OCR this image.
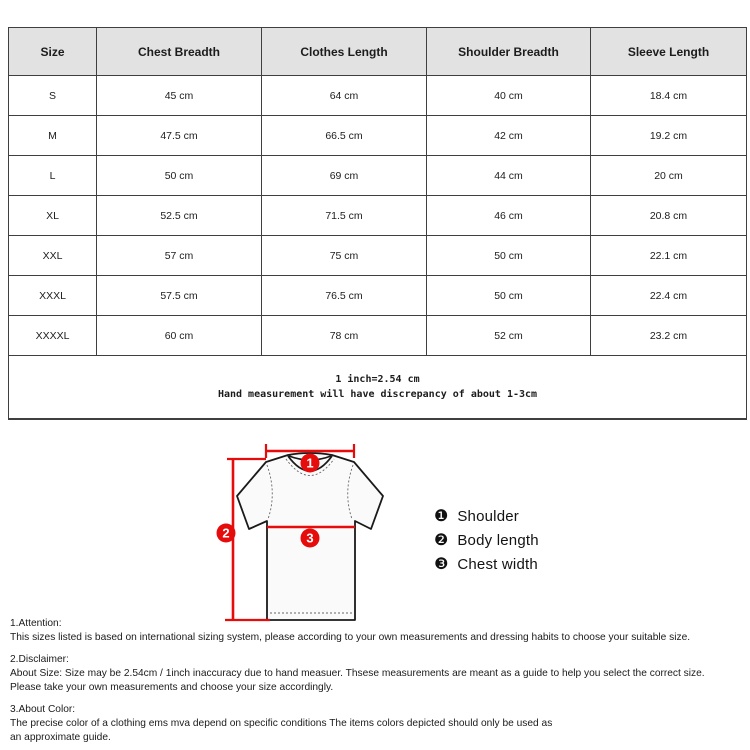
Size	Chest Breadth	Clothes Length	Shoulder Breadth	Sleeve Length
S	45 cm	64 cm	40 cm	18.4 cm
M	47.5 cm	66.5 cm	42 cm	19.2 cm
L	50 cm	69 cm	44 cm	20 cm
XL	52.5 cm	71.5 cm	46 cm	20.8 cm
XXL	57 cm	75 cm	50 cm	22.1 cm
XXXL	57.5 cm	76.5 cm	50 cm	22.4 cm
XXXXL	60 cm	78 cm	52 cm	23.2 cm

1 inch=2.54 cm
Hand measurement will have discrepancy of about 1-3cm				
1
2	3
❶ Shoulder
❷ Body length
❸ Chest width
1.Attention:
This sizes listed is based on international sizing system, please according to your own measurements and dressing habits to choose your suitable size.
2.Disclaimer:
About Size: Size may be 2.54cm / 1inch inaccuracy due to hand measuer. Thsese measurements are meant as a guide to help you select the correct size.
Please take your own measurements and choose your size accordingly.
3.About Color:
The precise color of a clothing ems mva depend on specific conditions The items colors depicted should only be used as
an approximate guide.
